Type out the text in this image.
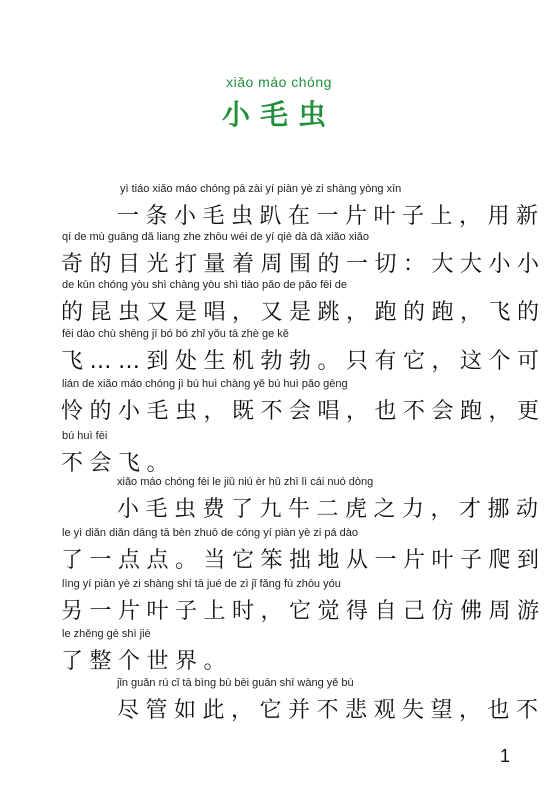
xiǎo máo chóng
小毛虫
yì tiáo xiǎo máo chóng pā zài yí piàn yè zi shàng yòng xīn
一条小毛虫趴在一片叶子上，用新
qí de mù guāng dǎ liang zhe zhōu wéi de yí qiè dà dà xiǎo xiǎo
奇的目光打量着周围的一切：大大小小
de kūn chóng yòu shì chàng yòu shì tiào pǎo de pǎo fēi de
的昆虫又是唱，又是跳，跑的跑，飞的
fēi dào chù shēng jī bó bó zhǐ yǒu tā zhè ge kě
飞……到处生机勃勃。只有它，这个可
lián de xiǎo máo chóng jì bú huì chàng yě bú huì pǎo gèng
怜的小毛虫，既不会唱，也不会跑，更
bú huì fēi
不会飞。
xiǎo máo chóng fèi le jiǔ niú èr hǔ zhī lì cái nuó dòng
小毛虫费了九牛二虎之力，才挪动
le yì diǎn diǎn dāng tā bèn zhuō de cóng yí piàn yè zi pá dào
了一点点。当它笨拙地从一片叶子爬到
lìng yí piàn yè zi shàng shí tā jué de zì jǐ fǎng fú zhōu yóu
另一片叶子上时，它觉得自己仿佛周游
le zhěng gè shì jiè
了整个世界。
jǐn guǎn rú cǐ tā bìng bù bēi guān shī wàng yě bù
尽管如此，它并不悲观失望，也不
1
